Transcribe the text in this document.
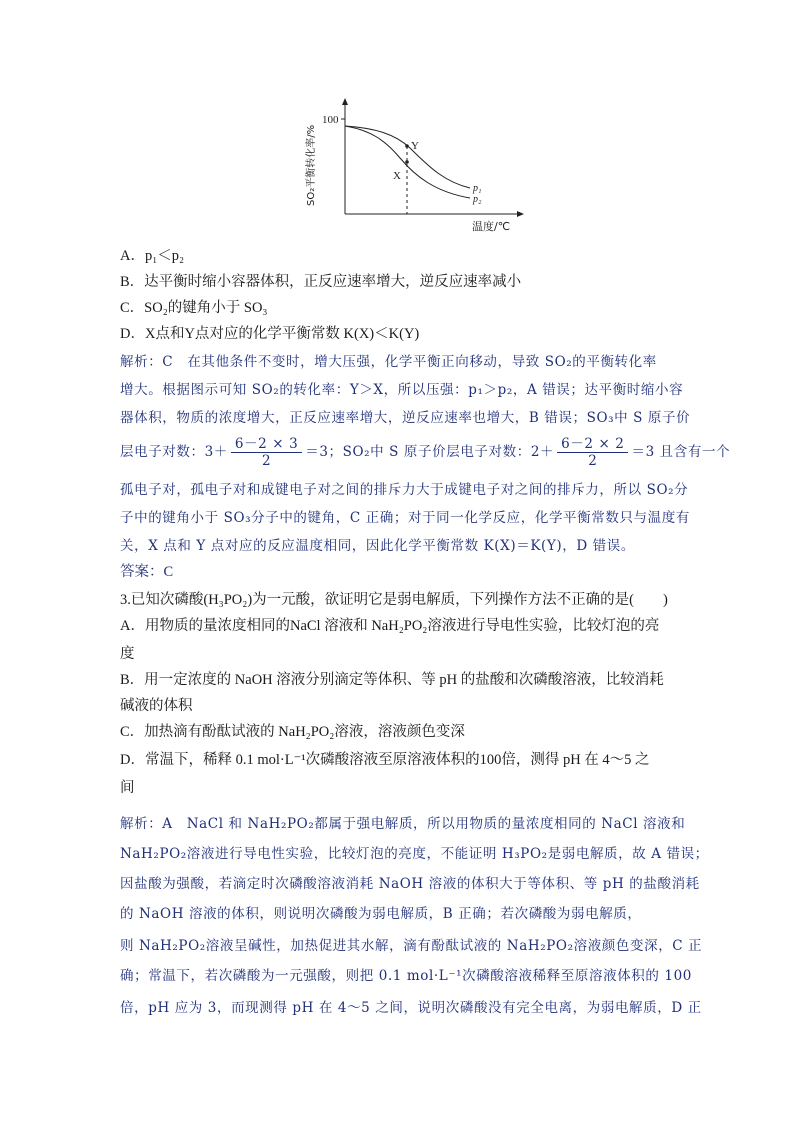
100
SO₂平衡转化率/%	Y
X
p₁
p₂
温度/℃
A．p₁＜p₂
B．达平衡时缩小容器体积，正反应速率增大，逆反应速率减小
C．SO₂的键角小于 SO₃
D．X点和Y点对应的化学平衡常数 K(X)＜K(Y)
解析：C　在其他条件不变时，增大压强，化学平衡正向移动，导致 SO₂的平衡转化率
增大。根据图示可知 SO₂的转化率：Y＞X，所以压强：p₁＞p₂，A 错误；达平衡时缩小容
器体积，物质的浓度增大，正反应速率增大，逆反应速率也增大，B 错误；SO₃中 S 原子价
层电子对数：$3+ \frac{6-2 \times 3}{2} =3$；SO₂中 S 原子价层电子对数：$2+ \frac{6-2 \times 2}{2} =3$ 且含有一个
孤电子对，孤电子对和成键电子对之间的排斥力大于成键电子对之间的排斥力，所以 SO₂分
子中的键角小于 SO₃分子中的键角，C 正确；对于同一化学反应，化学平衡常数只与温度有
关，X 点和 Y 点对应的反应温度相同，因此化学平衡常数 K(X)＝K(Y)，D 错误。
答案：C
3.已知次磷酸(H₃PO₂)为一元酸，欲证明它是弱电解质，下列操作方法不正确的是(　　)
A．用物质的量浓度相同的NaCl 溶液和 NaH₂PO₂溶液进行导电性实验，比较灯泡的亮
度
B．用一定浓度的 NaOH 溶液分别滴定等体积、等 pH 的盐酸和次磷酸溶液，比较消耗
碱液的体积
C．加热滴有酚酞试液的 NaH₂PO₂溶液，溶液颜色变深
D．常温下，稀释 0.1 mol·L⁻¹次磷酸溶液至原溶液体积的100倍，测得 pH 在 4～5 之
间
解析：A　NaCl 和 NaH₂PO₂都属于强电解质，所以用物质的量浓度相同的 NaCl 溶液和
NaH₂PO₂溶液进行导电性实验，比较灯泡的亮度，不能证明 H₃PO₂是弱电解质，故 A 错误；
因盐酸为强酸，若滴定时次磷酸溶液消耗 NaOH 溶液的体积大于等体积、等 pH 的盐酸消耗
的 NaOH 溶液的体积，则说明次磷酸为弱电解质，B 正确；若次磷酸为弱电解质，
则 NaH₂PO₂溶液呈碱性，加热促进其水解，滴有酚酞试液的 NaH₂PO₂溶液颜色变深，C 正
确；常温下，若次磷酸为一元强酸，则把 0.1 mol·L⁻¹次磷酸溶液稀释至原溶液体积的 100
倍，pH 应为 3，而现测得 pH 在 4～5 之间，说明次磷酸没有完全电离，为弱电解质，D 正
